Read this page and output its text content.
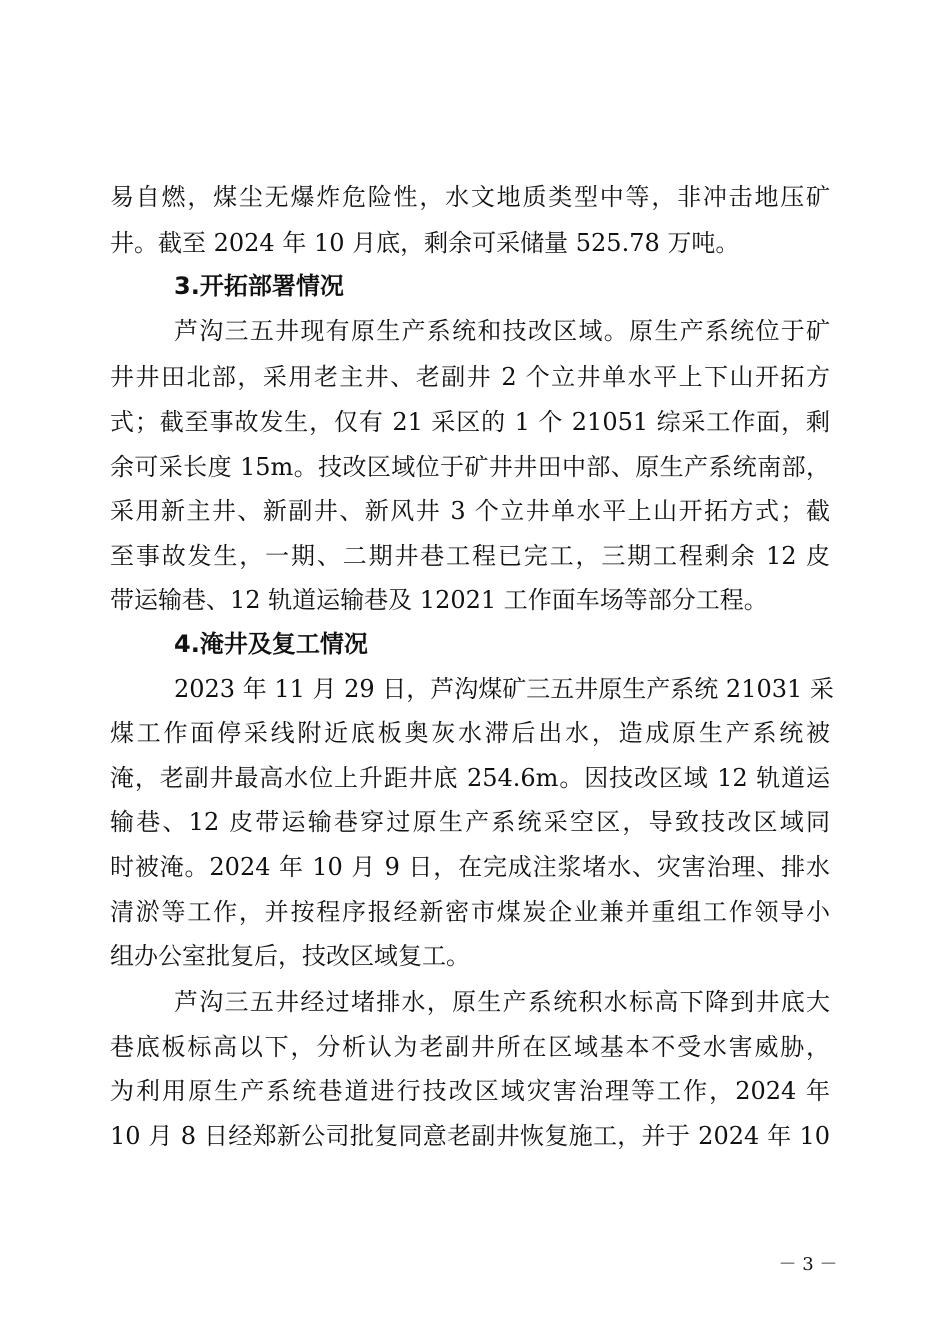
易自燃，煤尘无爆炸危险性，水文地质类型中等，非冲击地压矿
井。截至 2024 年 10 月底，剩余可采储量 525.78 万吨。
3.开拓部署情况
芦沟三五井现有原生产系统和技改区域。原生产系统位于矿
井井田北部，采用老主井、老副井 2 个立井单水平上下山开拓方
式；截至事故发生，仅有 21 采区的 1 个 21051 综采工作面，剩
余可采长度 15m。技改区域位于矿井井田中部、原生产系统南部，
采用新主井、新副井、新风井 3 个立井单水平上山开拓方式；截
至事故发生，一期、二期井巷工程已完工，三期工程剩余 12 皮
带运输巷、12 轨道运输巷及 12021 工作面车场等部分工程。
4.淹井及复工情况
2023 年 11 月 29 日，芦沟煤矿三五井原生产系统 21031 采
煤工作面停采线附近底板奥灰水滞后出水，造成原生产系统被
淹，老副井最高水位上升距井底 254.6m。因技改区域 12 轨道运
输巷、12 皮带运输巷穿过原生产系统采空区，导致技改区域同
时被淹。2024 年 10 月 9 日，在完成注浆堵水、灾害治理、排水
清淤等工作，并按程序报经新密市煤炭企业兼并重组工作领导小
组办公室批复后，技改区域复工。
芦沟三五井经过堵排水，原生产系统积水标高下降到井底大
巷底板标高以下，分析认为老副井所在区域基本不受水害威胁，
为利用原生产系统巷道进行技改区域灾害治理等工作，2024 年
10 月 8 日经郑新公司批复同意老副井恢复施工，并于 2024 年 10
－ 3 －
